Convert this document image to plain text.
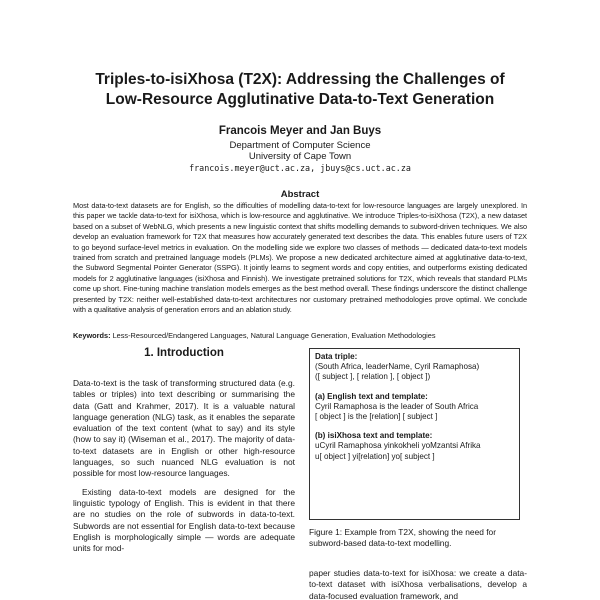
Triples-to-isiXhosa (T2X): Addressing the Challenges of
Low-Resource Agglutinative Data-to-Text Generation
Francois Meyer and Jan Buys
Department of Computer Science
University of Cape Town
francois.meyer@uct.ac.za, jbuys@cs.uct.ac.za
Abstract
Most data-to-text datasets are for English, so the difficulties of modelling data-to-text for low-resource languages are largely unexplored. In this paper we tackle data-to-text for isiXhosa, which is low-resource and agglutinative. We introduce Triples-to-isiXhosa (T2X), a new dataset based on a subset of WebNLG, which presents a new linguistic context that shifts modelling demands to subword-driven techniques. We also develop an evaluation framework for T2X that measures how accurately generated text describes the data. This enables future users of T2X to go beyond surface-level metrics in evaluation. On the modelling side we explore two classes of methods — dedicated data-to-text models trained from scratch and pretrained language models (PLMs). We propose a new dedicated architecture aimed at agglutinative data-to-text, the Subword Segmental Pointer Generator (SSPG). It jointly learns to segment words and copy entities, and outperforms existing dedicated models for 2 agglutinative languages (isiXhosa and Finnish). We investigate pretrained solutions for T2X, which reveals that standard PLMs come up short. Fine-tuning machine translation models emerges as the best method overall. These findings underscore the distinct challenge presented by T2X: neither well-established data-to-text architectures nor customary pretrained methodologies prove optimal. We conclude with a qualitative analysis of generation errors and an ablation study.
Keywords: Less-Resourced/Endangered Languages, Natural Language Generation, Evaluation Methodologies
1. Introduction

Data-to-text is the task of transforming structured data (e.g. tables or triples) into text describing or summarising the data (Gatt and Krahmer, 2017). It is a valuable natural language generation (NLG) task, as it enables the separate evaluation of the text content (what to say) and its style (how to say it) (Wiseman et al., 2017). The majority of data-to-text datasets are in English or other high-resource languages, so such nuanced NLG evaluation is not possible for most low-resource languages.

Existing data-to-text models are designed for the linguistic typology of English. This is evident in that there are no studies on the role of subwords in data-to-text. Subwords are not essential for English data-to-text because English is morphologically simple — words are adequate units for mod-

Data triple:
(South Africa, leaderName, Cyril Ramaphosa)
([ subject ], [ relation ], [ object ])
(a) English text and template:
Cyril Ramaphosa is the leader of South Africa
[ object ] is the [relation] [ subject ]
(b) isiXhosa text and template:
uCyril Ramaphosa yinkokheli yoMzantsi Afrika
u[ object ] yi[relation] yo[ subject ]
Figure 1: Example from T2X, showing the need for subword-based data-to-text modelling.
paper studies data-to-text for isiXhosa: we create a data-to-text dataset with isiXhosa verbalisations, develop a data-focused evaluation framework, and
